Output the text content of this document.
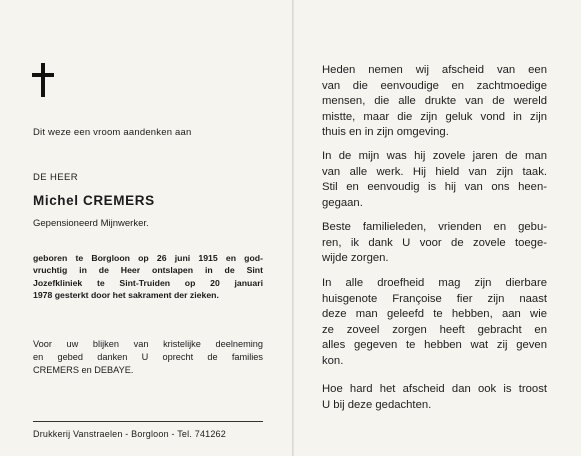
Dit weze een vroom aandenken aan
DE HEER
Michel CREMERS
Gepensioneerd Mijnwerker.
geboren te Borgloon op 26 juni 1915 en god-
vruchtig in de Heer ontslapen in de Sint
Jozefkliniek te Sint-Truiden op 20 januari
1978 gesterkt door het sakrament der zieken.
Voor uw blijken van kristelijke deelneming
en gebed danken U oprecht de families
CREMERS en DEBAYE.
Drukkerij Vanstraelen - Borgloon - Tel. 741262
Heden nemen wij afscheid van een
van die eenvoudige en zachtmoedige
mensen, die alle drukte van de wereld
mistte, maar die zijn geluk vond in zijn
thuis en in zijn omgeving.
In de mijn was hij zovele jaren de man
van alle werk. Hij hield van zijn taak.
Stil en eenvoudig is hij van ons heen-
gegaan.
Beste familieleden, vrienden en gebu-
ren, ik dank U voor de zovele toege-
wijde zorgen.
In alle droefheid mag zijn dierbare
huisgenote Françoise fier zijn naast
deze man geleefd te hebben, aan wie
ze zoveel zorgen heeft gebracht en
alles gegeven te hebben wat zij geven
kon.
Hoe hard het afscheid dan ook is troost
U bij deze gedachten.
